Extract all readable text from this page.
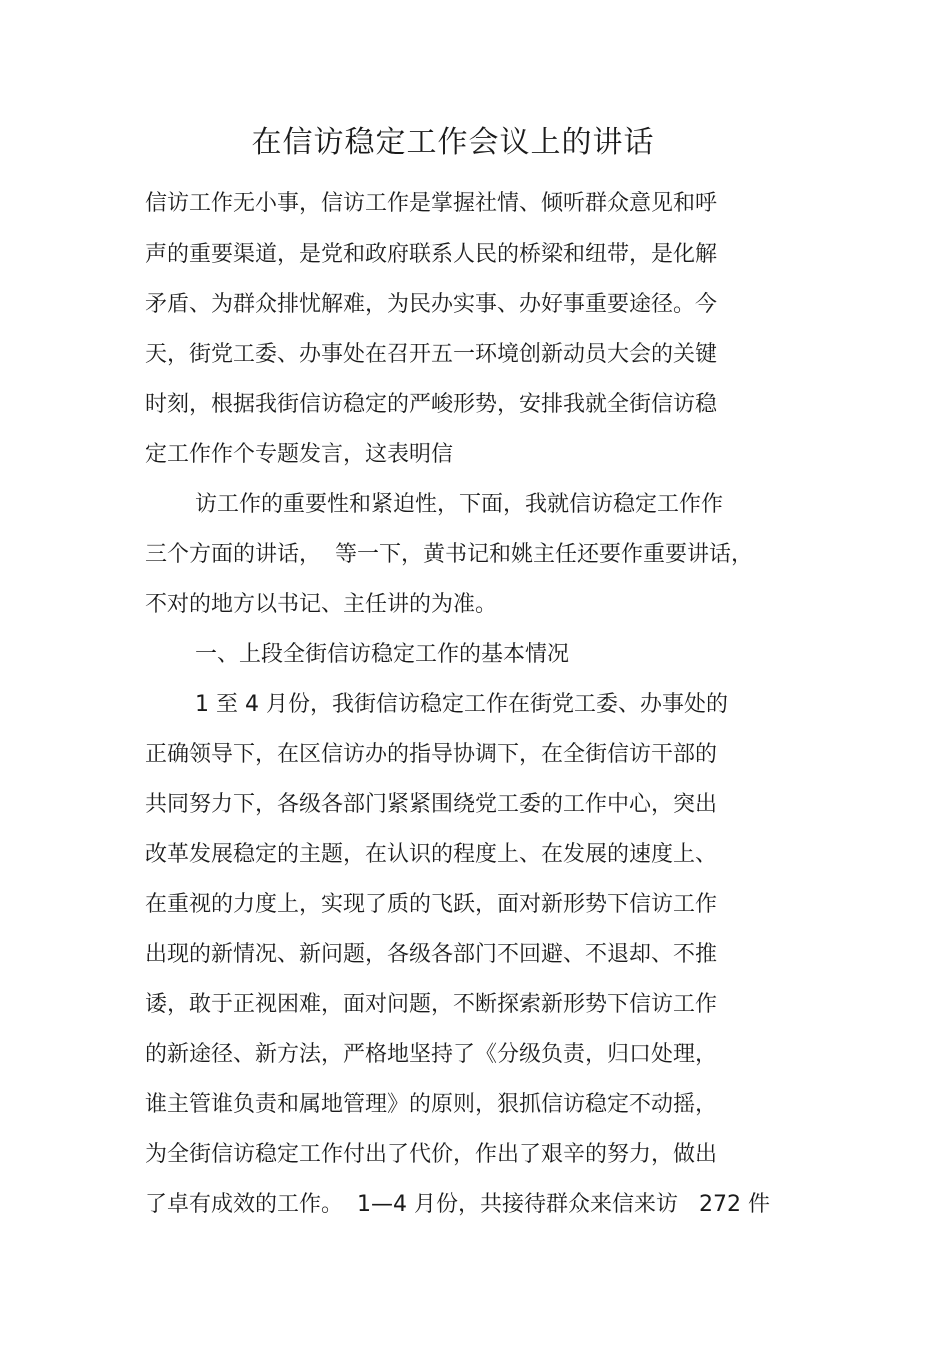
在信访稳定工作会议上的讲话
信访工作无小事，信访工作是掌握社情、倾听群众意见和呼
声的重要渠道，是党和政府联系人民的桥梁和纽带，是化解
矛盾、为群众排忧解难，为民办实事、办好事重要途径。今
天，街党工委、办事处在召开五一环境创新动员大会的关键
时刻，根据我街信访稳定的严峻形势，安排我就全街信访稳
定工作作个专题发言，这表明信
访工作的重要性和紧迫性，下面，我就信访稳定工作作
三个方面的讲话，  等一下，黄书记和姚主任还要作重要讲话，
不对的地方以书记、主任讲的为准。
一、上段全街信访稳定工作的基本情况
1 至 4 月份，我街信访稳定工作在街党工委、办事处的
正确领导下，在区信访办的指导协调下，在全街信访干部的
共同努力下，各级各部门紧紧围绕党工委的工作中心，突出
改革发展稳定的主题，在认识的程度上、在发展的速度上、
在重视的力度上，实现了质的飞跃，面对新形势下信访工作
出现的新情况、新问题，各级各部门不回避、不退却、不推
诿，敢于正视困难，面对问题，不断探索新形势下信访工作
的新途径、新方法，严格地坚持了《分级负责，归口处理，
谁主管谁负责和属地管理》的原则，狠抓信访稳定不动摇，
为全街信访稳定工作付出了代价，作出了艰辛的努力，做出
了卓有成效的工作。  1—4 月份，共接待群众来信来访   272 件
